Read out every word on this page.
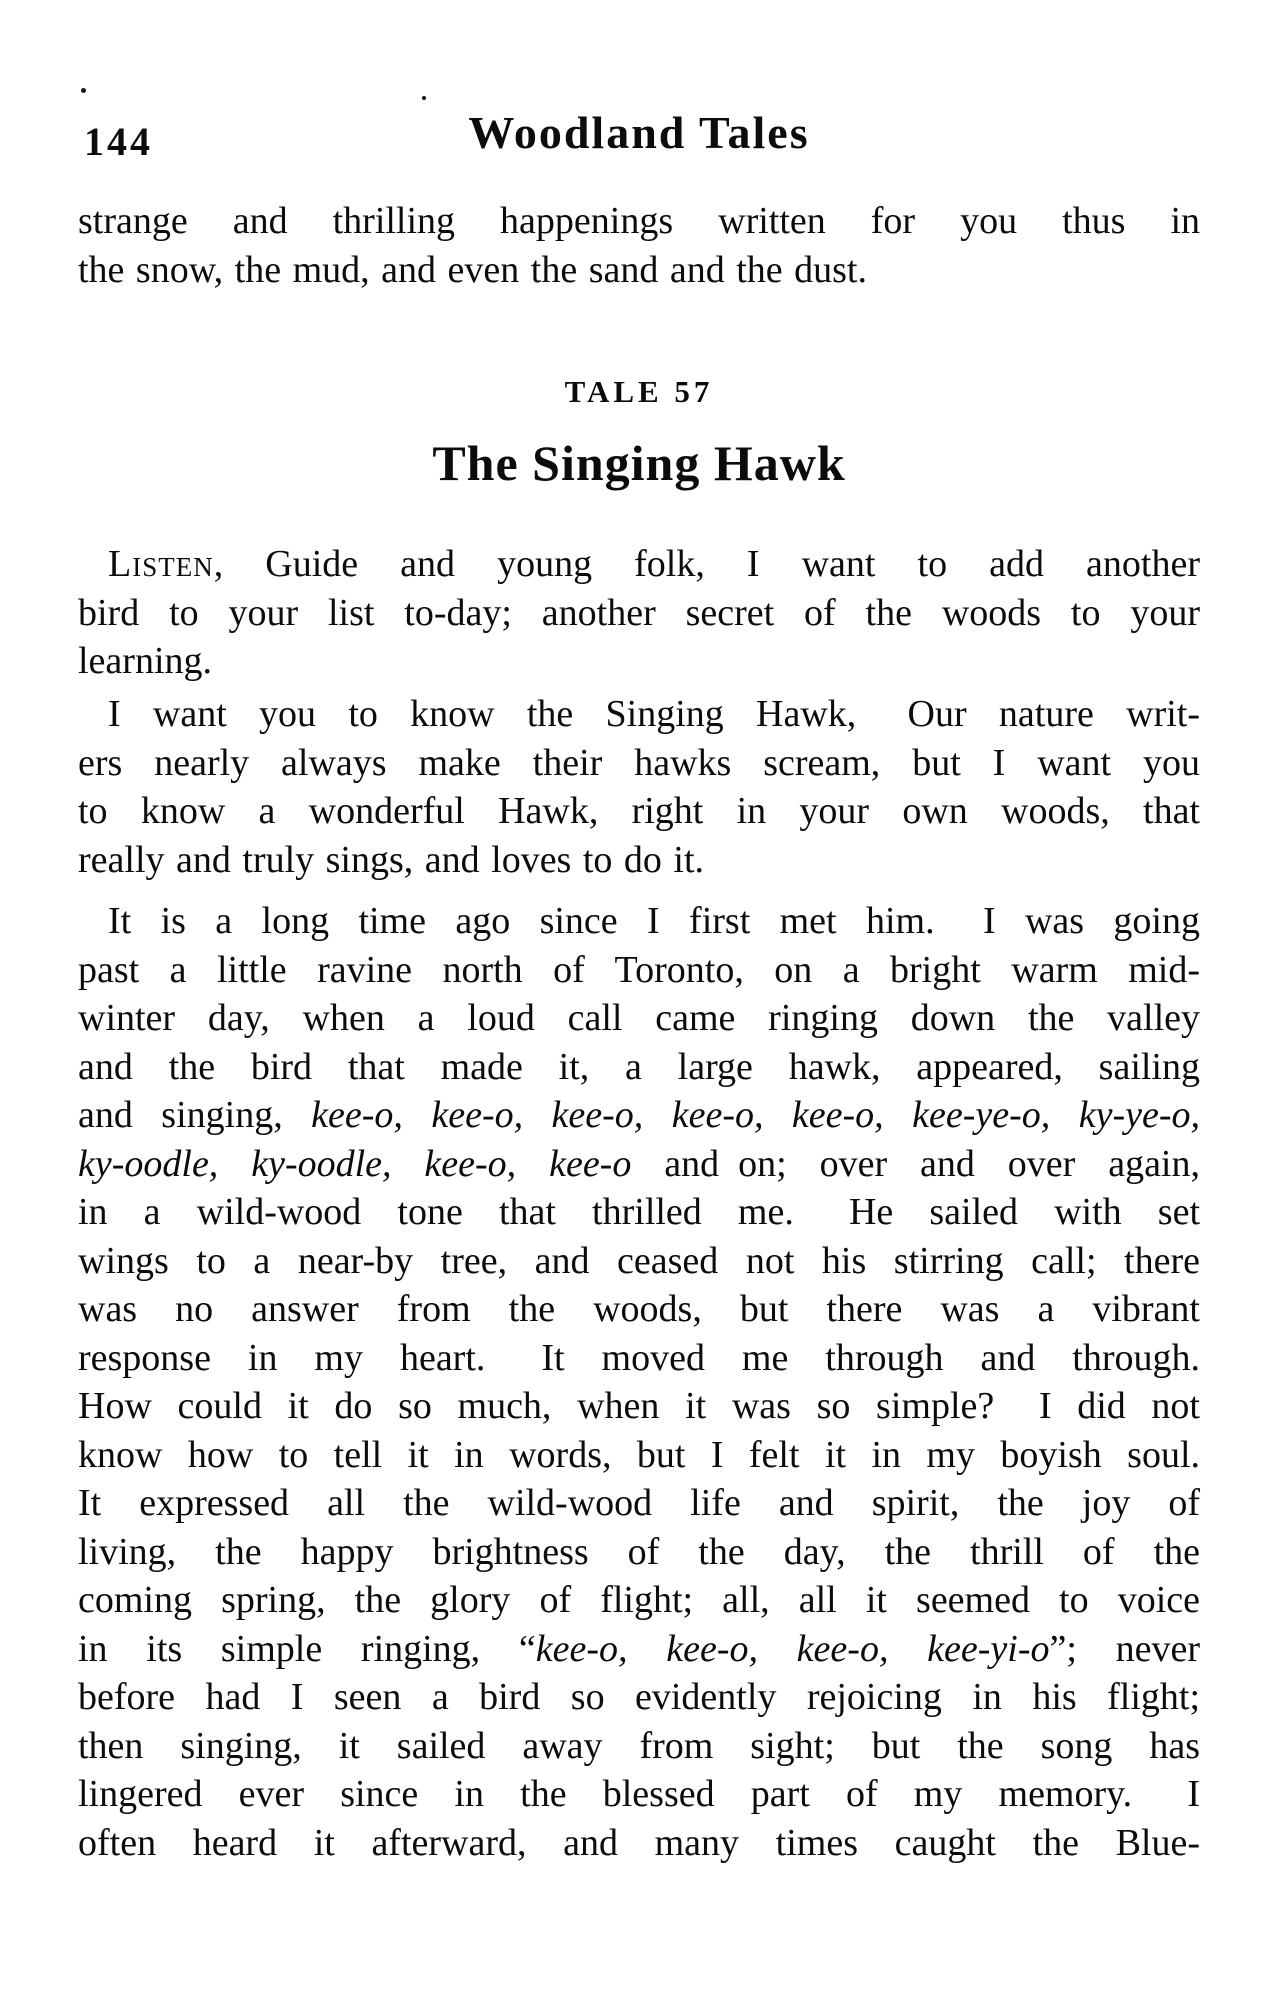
144	Woodland Tales
strange and thrilling happenings written for you thus in
the snow, the mud, and even the sand and the dust.
TALE 57
The Singing Hawk
Listen, Guide and young folk, I want to add another
bird to your list to-day; another secret of the woods to your
learning.
I want you to know the Singing Hawk,  Our nature writ-
ers nearly always make their hawks scream, but I want you
to know a wonderful Hawk, right in your own woods, that
really and truly sings, and loves to do it.
It is a long time ago since I first met him.  I was going
past a little ravine north of Toronto, on a bright warm mid-
winter day, when a loud call came ringing down the valley
and the bird that made it, a large hawk, appeared, sailing
and singing, kee-o, kee-o, kee-o, kee-o, kee-o, kee-ye-o, ky-ye-o,
ky-oodle, ky-oodle, kee-o, kee-o and on; over and over again,
in a wild-wood tone that thrilled me.  He sailed with set
wings to a near-by tree, and ceased not his stirring call; there
was no answer from the woods, but there was a vibrant
response in my heart.  It moved me through and through.
How could it do so much, when it was so simple?  I did not
know how to tell it in words, but I felt it in my boyish soul.
It expressed all the wild-wood life and spirit, the joy of
living, the happy brightness of the day, the thrill of the
coming spring, the glory of flight; all, all it seemed to voice
in its simple ringing, “kee-o, kee-o, kee-o, kee-yi-o”; never
before had I seen a bird so evidently rejoicing in his flight;
then singing, it sailed away from sight; but the song has
lingered ever since in the blessed part of my memory.  I
often heard it afterward, and many times caught the Blue-
